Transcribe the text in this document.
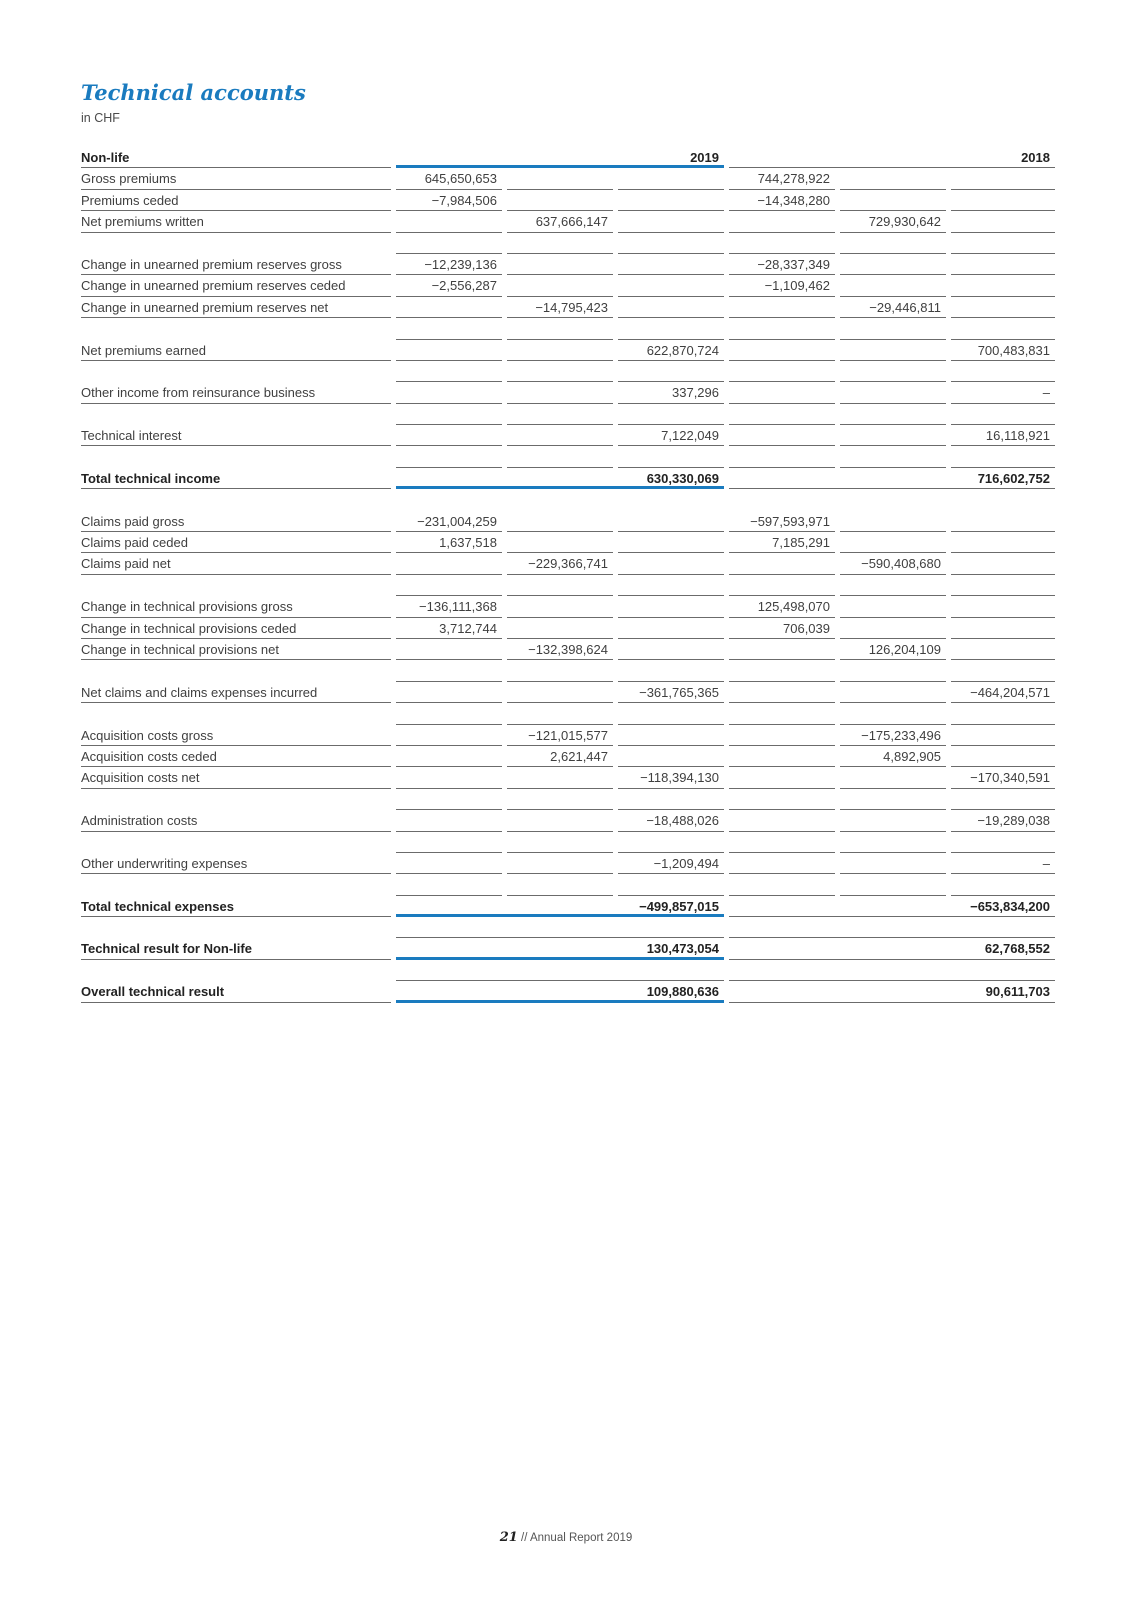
Technical accounts
in CHF
Non-life	2019	2018
Gross premiums	645,650,653	744,278,922
Premiums ceded	−7,984,506	−14,348,280
Net premiums written	637,666,147	729,930,642
Change in unearned premium reserves gross	−12,239,136	−28,337,349
Change in unearned premium reserves ceded	−2,556,287	−1,109,462
Change in unearned premium reserves net	−14,795,423	−29,446,811
Net premiums earned	622,870,724	700,483,831
Other income from reinsurance business	337,296	–
Technical interest	7,122,049	16,118,921
Total technical income	630,330,069	716,602,752
Claims paid gross	−231,004,259	−597,593,971
Claims paid ceded	1,637,518	7,185,291
Claims paid net	−229,366,741	−590,408,680
Change in technical provisions gross	−136,111,368	125,498,070
Change in technical provisions ceded	3,712,744	706,039
Change in technical provisions net	−132,398,624	126,204,109
Net claims and claims expenses incurred	−361,765,365	−464,204,571
Acquisition costs gross	−121,015,577	−175,233,496
Acquisition costs ceded	2,621,447	4,892,905
Acquisition costs net	−118,394,130	−170,340,591
Administration costs	−18,488,026	−19,289,038
Other underwriting expenses	−1,209,494	–
Total technical expenses	−499,857,015	−653,834,200
Technical result for Non-life	130,473,054	62,768,552
Overall technical result	109,880,636	90,611,703
21 // Annual Report 2019
